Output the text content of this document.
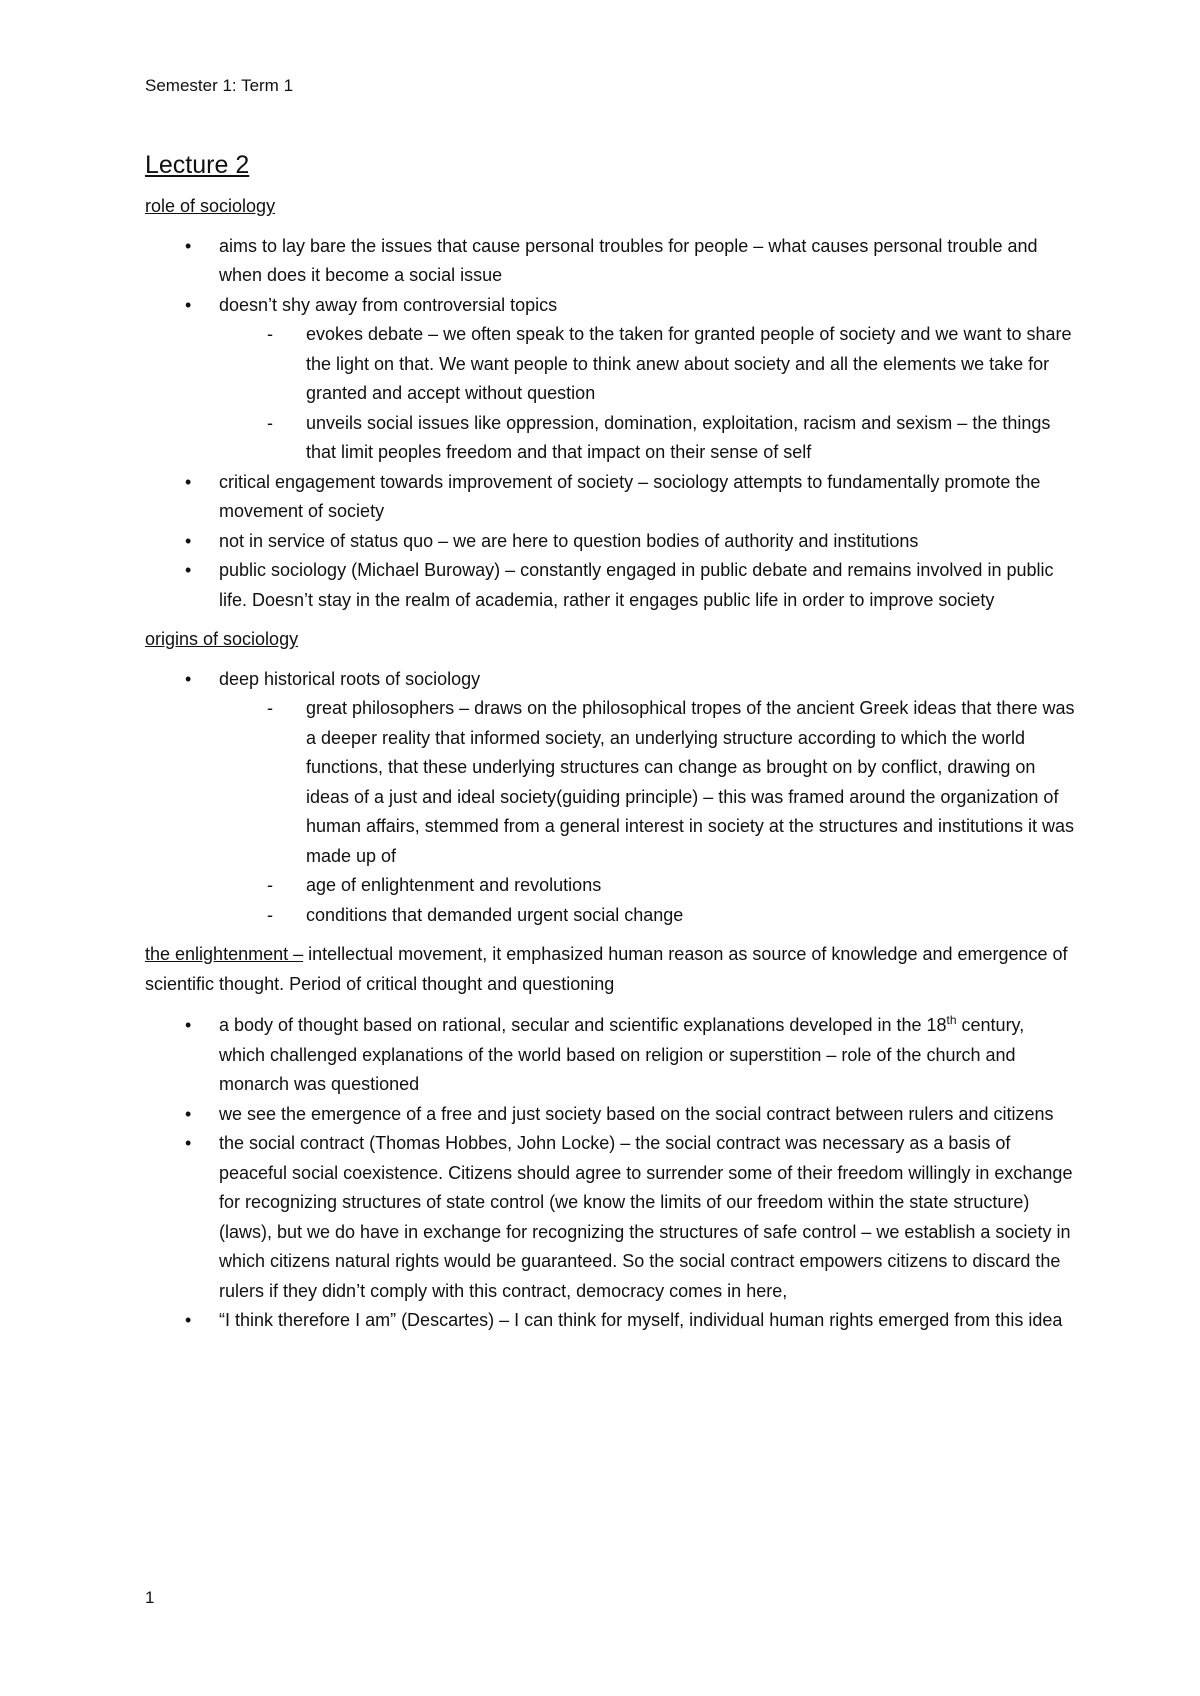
Semester 1: Term 1
Lecture 2
role of sociology
• aims to lay bare the issues that cause personal troubles for people – what causes personal trouble and when does it become a social issue
• doesn’t shy away from controversial topics
- evokes debate – we often speak to the taken for granted people of society and we want to share the light on that. We want people to think anew about society and all the elements we take for granted and accept without question
- unveils social issues like oppression, domination, exploitation, racism and sexism – the things that limit peoples freedom and that impact on their sense of self
• critical engagement towards improvement of society – sociology attempts to fundamentally promote the movement of society
• not in service of status quo – we are here to question bodies of authority and institutions
• public sociology (Michael Buroway) – constantly engaged in public debate and remains involved in public life. Doesn’t stay in the realm of academia, rather it engages public life in order to improve society
origins of sociology
• deep historical roots of sociology
- great philosophers – draws on the philosophical tropes of the ancient Greek ideas that there was a deeper reality that informed society, an underlying structure according to which the world functions, that these underlying structures can change as brought on by conflict, drawing on ideas of a just and ideal society(guiding principle) – this was framed around the organization of human affairs, stemmed from a general interest in society at the structures and institutions it was made up of
- age of enlightenment and revolutions
- conditions that demanded urgent social change
the enlightenment – intellectual movement, it emphasized human reason as source of knowledge and emergence of scientific thought. Period of critical thought and questioning
• a body of thought based on rational, secular and scientific explanations developed in the 18th century, which challenged explanations of the world based on religion or superstition – role of the church and monarch was questioned
• we see the emergence of a free and just society based on the social contract between rulers and citizens
• the social contract (Thomas Hobbes, John Locke) – the social contract was necessary as a basis of peaceful social coexistence. Citizens should agree to surrender some of their freedom willingly in exchange for recognizing structures of state control (we know the limits of our freedom within the state structure)(laws), but we do have in exchange for recognizing the structures of safe control – we establish a society in which citizens natural rights would be guaranteed. So the social contract empowers citizens to discard the rulers if they didn’t comply with this contract, democracy comes in here,
• “I think therefore I am” (Descartes) – I can think for myself, individual human rights emerged from this idea
1
